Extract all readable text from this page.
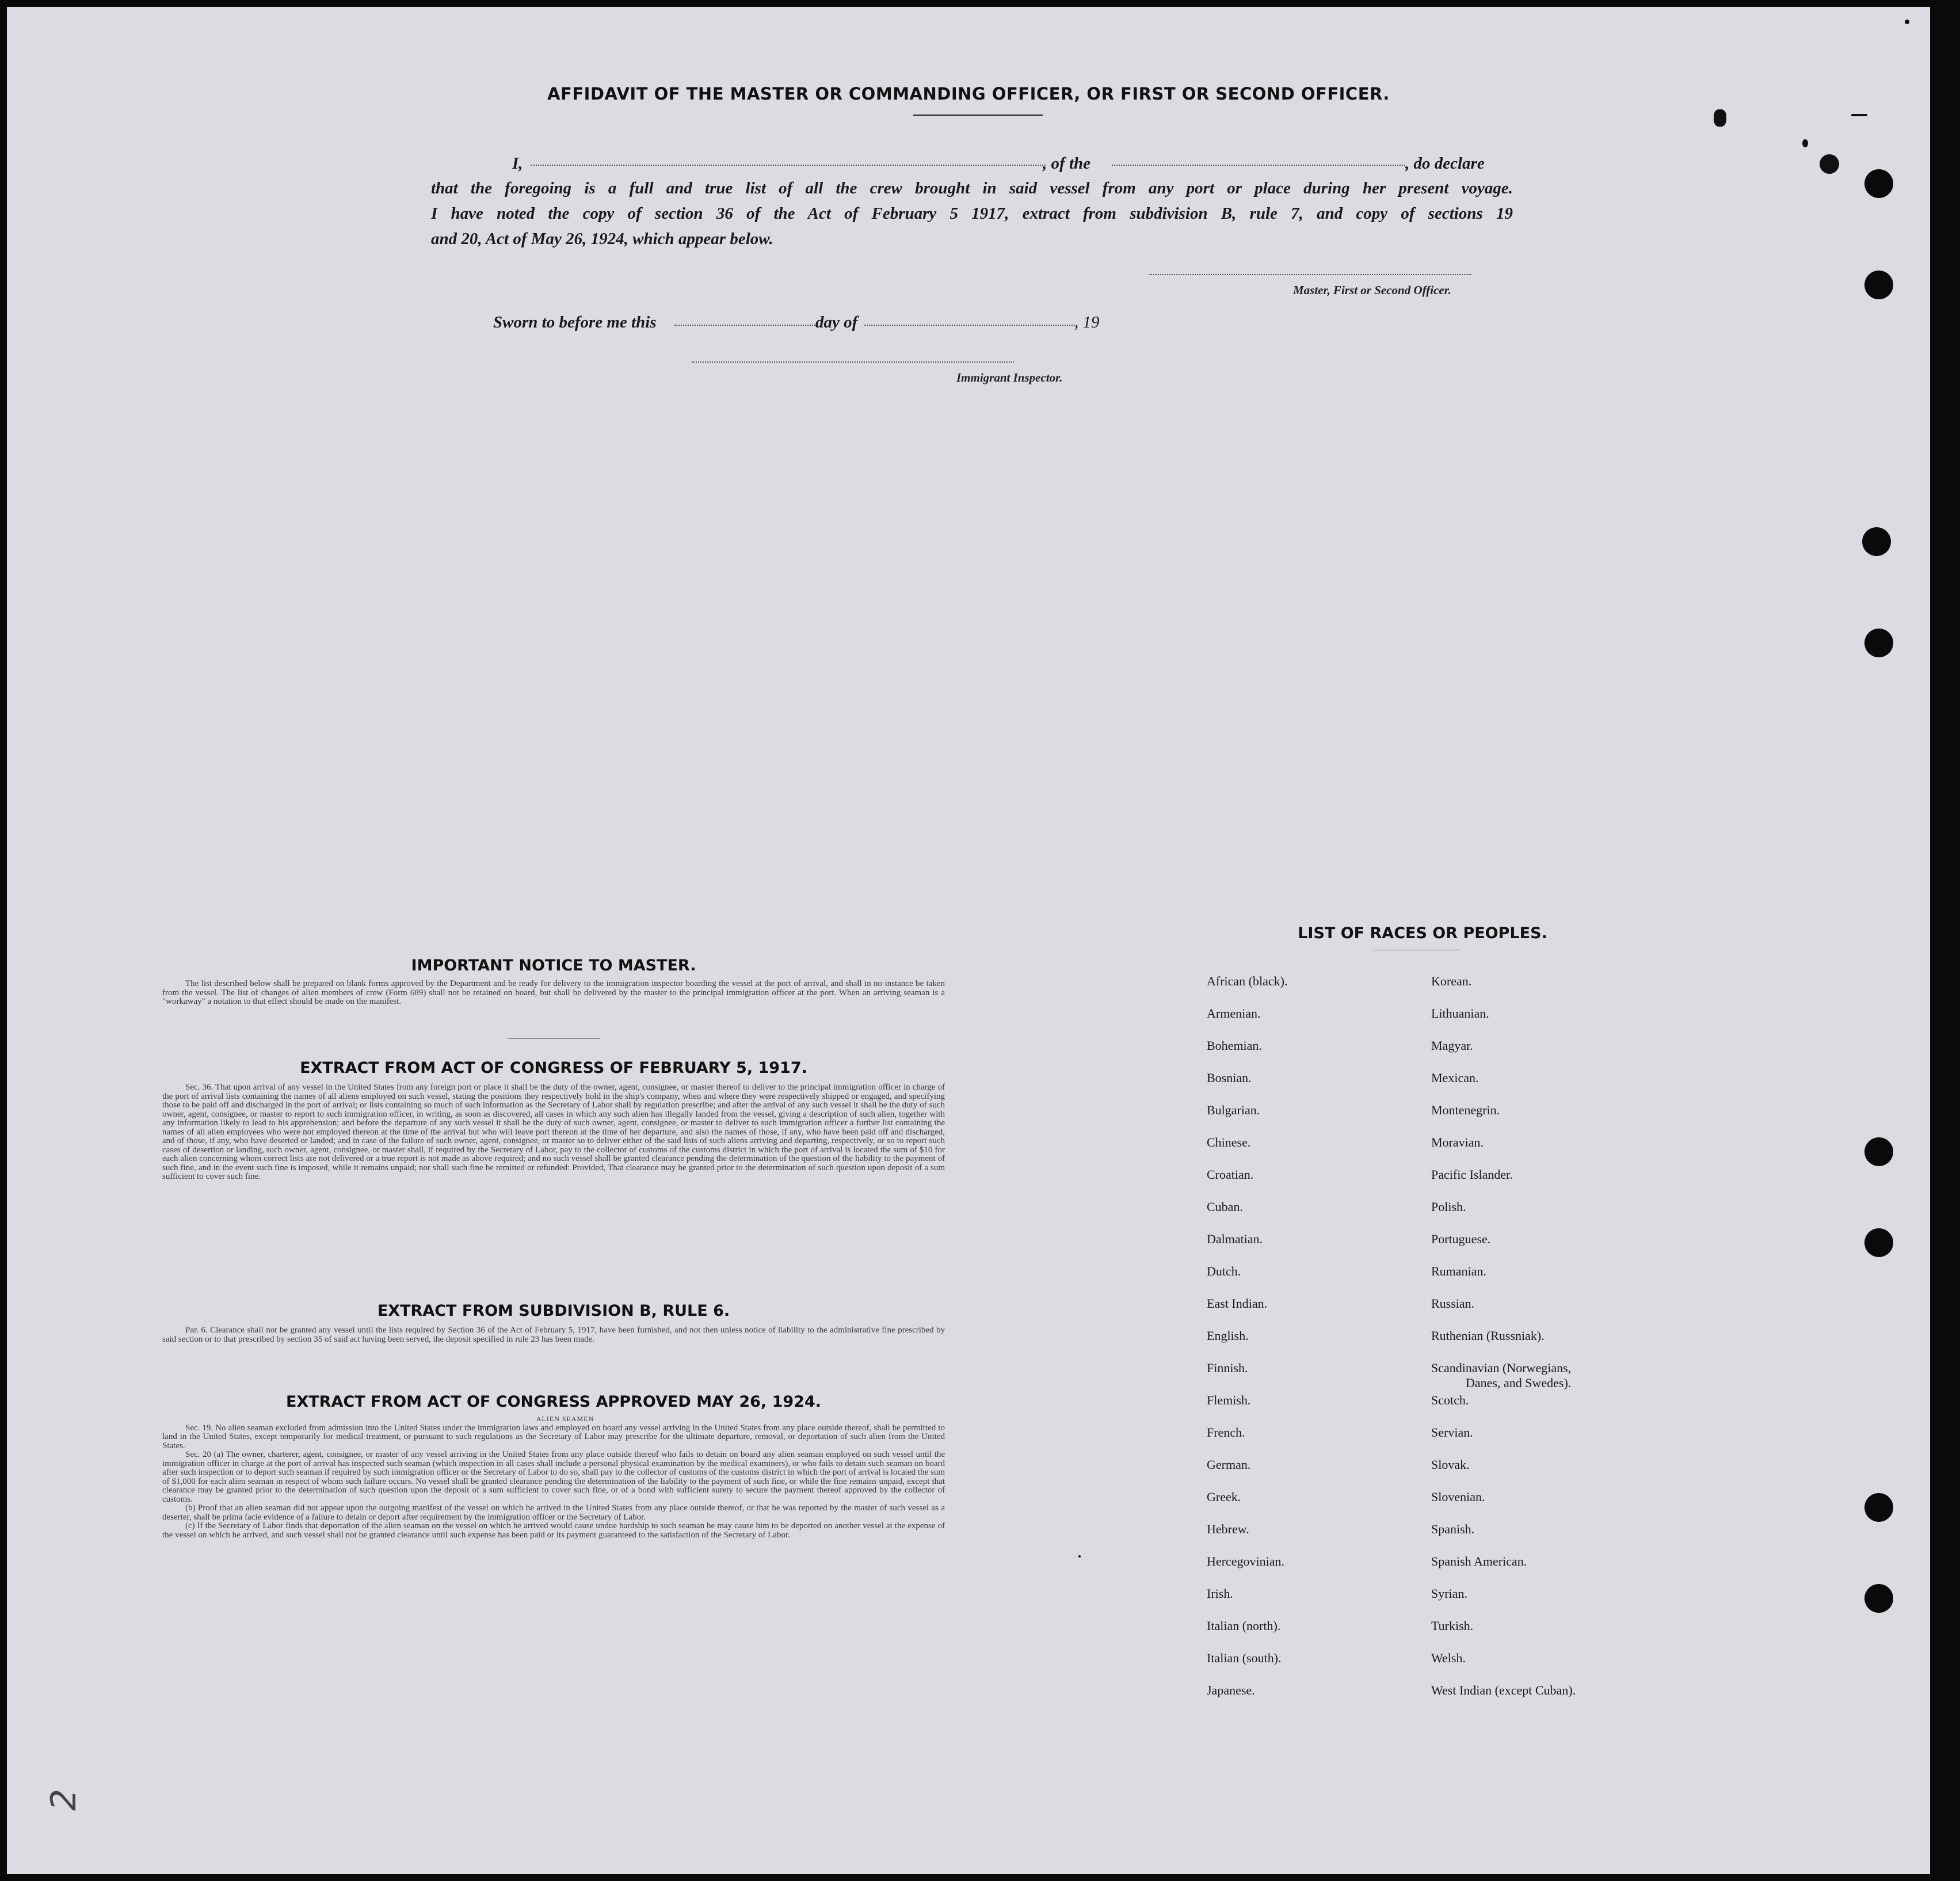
AFFIDAVIT OF THE MASTER OR COMMANDING OFFICER, OR FIRST OR SECOND OFFICER.
I,	, of the	, do declare
that the foregoing is a full and true list of all the crew brought in said vessel from any port or place during her present voyage.
I have noted the copy of section 36 of the Act of February 5 1917, extract from subdivision B, rule 7, and copy of sections 19
and 20, Act of May 26, 1924, which appear below.
Master, First or Second Officer.
Sworn to before me this	day of	, 19
Immigrant Inspector.
IMPORTANT NOTICE TO MASTER.
The list described below shall be prepared on blank forms approved by the Department and be ready for delivery to the immigration inspector boarding the vessel at the port of arrival, and shall in no instance be taken from the vessel. The list of changes of alien members of crew (Form 689) shall not be retained on board, but shall be delivered by the master to the principal immigration officer at the port. When an arriving seaman is a "workaway" a notation to that effect should be made on the manifest.
EXTRACT FROM ACT OF CONGRESS OF FEBRUARY 5, 1917.
Sec. 36. That upon arrival of any vessel in the United States from any foreign port or place it shall be the duty of the owner, agent, consignee, or master thereof to deliver to the principal immigration officer in charge of the port of arrival lists containing the names of all aliens employed on such vessel, stating the positions they respectively hold in the ship's company, when and where they were respectively shipped or engaged, and specifying those to be paid off and discharged in the port of arrival; or lists containing so much of such information as the Secretary of Labor shall by regulation prescribe; and after the arrival of any such vessel it shall be the duty of such owner, agent, consignee, or master to report to such immigration officer, in writing, as soon as discovered, all cases in which any such alien has illegally landed from the vessel, giving a description of such alien, together with any information likely to lead to his apprehension; and before the departure of any such vessel it shall be the duty of such owner, agent, consignee, or master to deliver to such immigration officer a further list containing the names of all alien employees who were not employed thereon at the time of the arrival but who will leave port thereon at the time of her departure, and also the names of those, if any, who have been paid off and discharged, and of those, if any, who have deserted or landed; and in case of the failure of such owner, agent, consignee, or master so to deliver either of the said lists of such aliens arriving and departing, respectively, or so to report such cases of desertion or landing, such owner, agent, consignee, or master shall, if required by the Secretary of Labor, pay to the collector of customs of the customs district in which the port of arrival is located the sum of $10 for each alien concerning whom correct lists are not delivered or a true report is not made as above required; and no such vessel shall be granted clearance pending the determination of the question of the liability to the payment of such fine, and in the event such fine is imposed, while it remains unpaid; nor shall such fine be remitted or refunded: Provided, That clearance may be granted prior to the determination of such question upon deposit of a sum sufficient to cover such fine.
EXTRACT FROM SUBDIVISION B, RULE 6.
Par. 6. Clearance shall not be granted any vessel until the lists required by Section 36 of the Act of February 5, 1917, have been furnished, and not then unless notice of liability to the administrative fine prescribed by said section or to that prescribed by section 35 of said act having been served, the deposit specified in rule 23 has been made.
EXTRACT FROM ACT OF CONGRESS APPROVED MAY 26, 1924.

ALIEN SEAMEN

Sec. 19. No alien seaman excluded from admission into the United States under the immigration laws and employed on board any vessel arriving in the United States from any place outside thereof, shall be permitted to land in the United States, except temporarily for medical treatment, or pursuant to such regulations as the Secretary of Labor may prescribe for the ultimate departure, removal, or deportation of such alien from the United States.

Sec. 20 (a) The owner, charterer, agent, consignee, or master of any vessel arriving in the United States from any place outside thereof who fails to detain on board any alien seaman employed on such vessel until the immigration officer in charge at the port of arrival has inspected such seaman (which inspection in all cases shall include a personal physical examination by the medical examiners), or who fails to detain such seaman on board after such inspection or to deport such seaman if required by such immigration officer or the Secretary of Labor to do so, shall pay to the collector of customs of the customs district in which the port of arrival is located the sum of $1,000 for each alien seaman in respect of whom such failure occurs. No vessel shall be granted clearance pending the determination of the liability to the payment of such fine, or while the fine remains unpaid, except that clearance may be granted prior to the determination of such question upon the deposit of a sum sufficient to cover such fine, or of a bond with sufficient surety to secure the payment thereof approved by the collector of customs.

(b) Proof that an alien seaman did not appear upon the outgoing manifest of the vessel on which he arrived in the United States from any place outside thereof, or that he was reported by the master of such vessel as a deserter, shall be prima facie evidence of a failure to detain or deport after requirement by the immigration officer or the Secretary of Labor.

(c) If the Secretary of Labor finds that deportation of the alien seaman on the vessel on which he arrived would cause undue hardship to such seaman he may cause him to be deported on another vessel at the expense of the vessel on which he arrived, and such vessel shall not be granted clearance until such expense has been paid or its payment guaranteed to the satisfaction of the Secretary of Labor.

LIST OF RACES OR PEOPLES.
African (black).
Armenian.
Bohemian.
Bosnian.
Bulgarian.
Chinese.
Croatian.
Cuban.
Dalmatian.
Dutch.
East Indian.
English.
Finnish.
Flemish.
French.
German.
Greek.
Hebrew.
Hercegovinian.
Irish.
Italian (north).
Italian (south).
Japanese.
Korean.
Lithuanian.
Magyar.
Mexican.
Montenegrin.
Moravian.
Pacific Islander.
Polish.
Portuguese.
Rumanian.
Russian.
Ruthenian (Russniak).
Scandinavian (Norwegians,
Danes, and Swedes).
Scotch.
Servian.
Slovak.
Slovenian.
Spanish.
Spanish American.
Syrian.
Turkish.
Welsh.
West Indian (except Cuban).
2
